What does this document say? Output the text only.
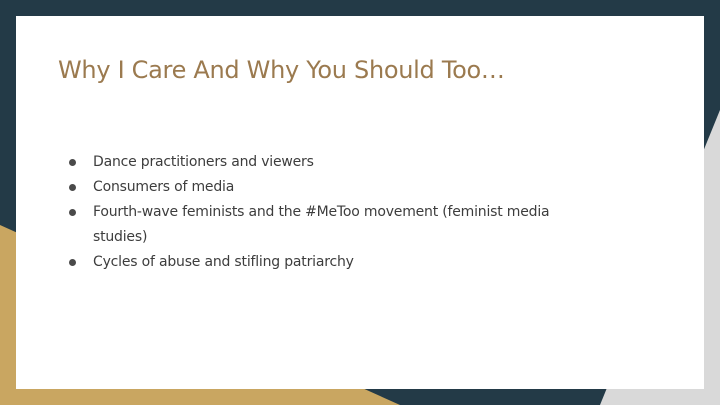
Why I Care And Why You Should Too…
Dance practitioners and viewers
Consumers of media
Fourth-wave feminists and the #MeToo movement (feminist media studies)
Cycles of abuse and stifling patriarchy
